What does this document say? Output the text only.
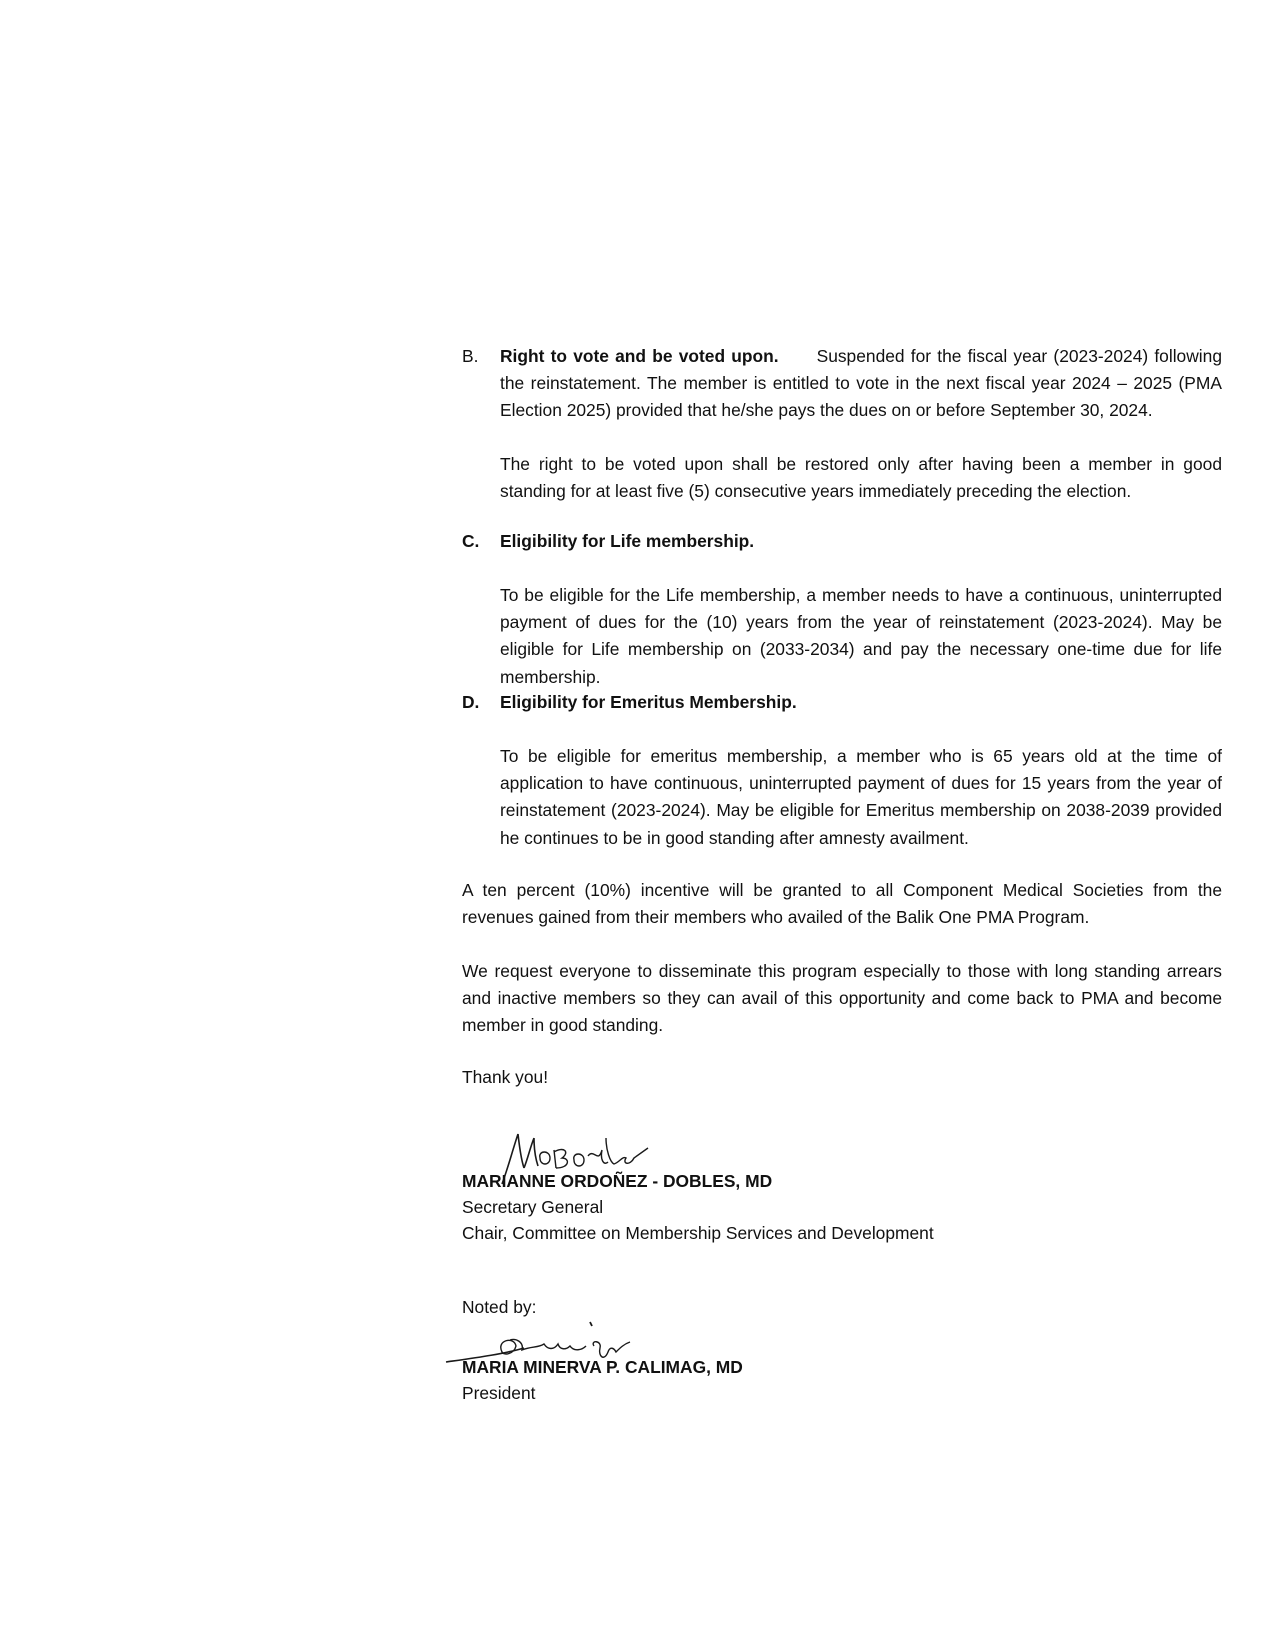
B. Right to vote and be voted upon. Suspended for the fiscal year (2023-2024) following the reinstatement. The member is entitled to vote in the next fiscal year 2024 – 2025 (PMA Election 2025) provided that he/she pays the dues on or before September 30, 2024.
The right to be voted upon shall be restored only after having been a member in good standing for at least five (5) consecutive years immediately preceding the election.
C. Eligibility for Life membership.
To be eligible for the Life membership, a member needs to have a continuous, uninterrupted payment of dues for the (10) years from the year of reinstatement (2023-2024). May be eligible for Life membership on (2033-2034) and pay the necessary one-time due for life membership.
D. Eligibility for Emeritus Membership.
To be eligible for emeritus membership, a member who is 65 years old at the time of application to have continuous, uninterrupted payment of dues for 15 years from the year of reinstatement (2023-2024). May be eligible for Emeritus membership on 2038-2039 provided he continues to be in good standing after amnesty availment.
A ten percent (10%) incentive will be granted to all Component Medical Societies from the revenues gained from their members who availed of the Balik One PMA Program.
We request everyone to disseminate this program especially to those with long standing arrears and inactive members so they can avail of this opportunity and come back to PMA and become member in good standing.
Thank you!
MARIANNE ORDOÑEZ - DOBLES, MD
Secretary General
Chair, Committee on Membership Services and Development
Noted by:
MARIA MINERVA P. CALIMAG, MD
President
